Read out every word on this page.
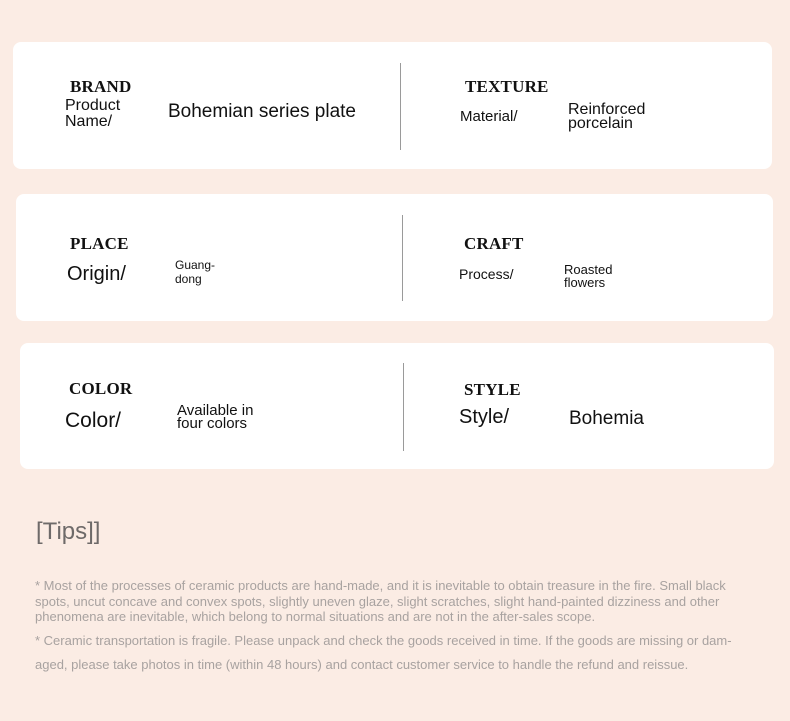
BRAND
Product
Name/	Bohemian series plate
TEXTURE
Material/	Reinforced
porcelain
PLACE
Origin/	Guang-
dong
CRAFT
Process/	Roasted
flowers
COLOR
Color/	Available in
four colors
STYLE
Style/	Bohemia
[Tips]]
* Most of the processes of ceramic products are hand-made, and it is inevitable to obtain treasure in the fire. Small black
spots, uncut concave and convex spots, slightly uneven glaze, slight scratches, slight hand-painted dizziness and other
phenomena are inevitable, which belong to normal situations and are not in the after-sales scope.
* Ceramic transportation is fragile. Please unpack and check the goods received in time. If the goods are missing or dam-
aged, please take photos in time (within 48 hours) and contact customer service to handle the refund and reissue.
